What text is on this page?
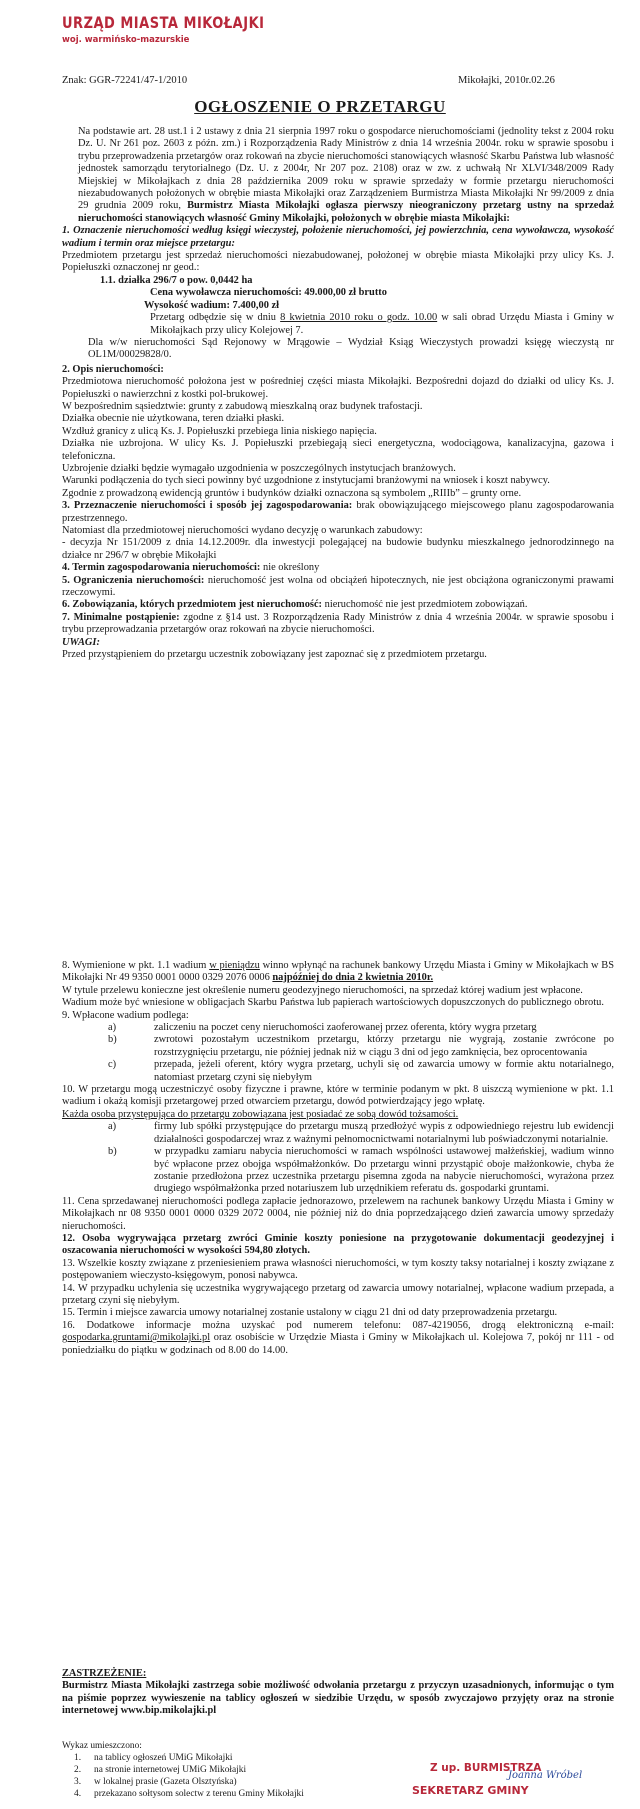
URZĄD MIASTA MIKOŁAJKI
woj. warmińsko-mazurskie
Znak: GGR-72241/47-1/2010	Mikołajki, 2010r.02.26
OGŁOSZENIE O PRZETARGU

Na podstawie art. 28 ust.1 i 2 ustawy z dnia 21 sierpnia 1997 roku o gospodarce nieruchomościami (jednolity tekst z 2004 roku Dz. U. Nr 261 poz. 2603 z późn. zm.) i Rozporządzenia Rady Ministrów z dnia 14 września 2004r. roku w sprawie sposobu i trybu przeprowadzenia przetargów oraz rokowań na zbycie nieruchomości stanowiących własność Skarbu Państwa lub własność jednostek samorządu terytorialnego (Dz. U. z 2004r, Nr 207 poz. 2108) oraz w zw. z uchwałą Nr XLVI/348/2009 Rady Miejskiej w Mikołajkach z dnia 28 października 2009 roku w sprawie sprzedaży w formie przetargu nieruchomości niezabudowanych położonych w obrębie miasta Mikołajki oraz Zarządzeniem Burmistrza Miasta Mikołajki Nr 99/2009 z dnia 29 grudnia 2009 roku, Burmistrz Miasta Mikołajki ogłasza pierwszy nieograniczony przetarg ustny na sprzedaż nieruchomości stanowiących własność Gminy Mikołajki, położonych w obrębie miasta Mikołajki:

1. Oznaczenie nieruchomości według księgi wieczystej, położenie nieruchomości, jej powierzchnia, cena wywoławcza, wysokość wadium i termin oraz miejsce przetargu:

Przedmiotem przetargu jest sprzedaż nieruchomości niezabudowanej, położonej w obrębie miasta Mikołajki przy ulicy Ks. J. Popiełuszki oznaczonej nr geod.:

1.1. działka 296/7 o pow. 0,0442 ha

Cena wywoławcza nieruchomości: 49.000,00 zł brutto

Wysokość wadium: 7.400,00 zł

Przetarg odbędzie się w dniu 8 kwietnia 2010 roku o godz. 10.00 w sali obrad Urzędu Miasta i Gminy w Mikołajkach przy ulicy Kolejowej 7.

Dla w/w nieruchomości Sąd Rejonowy w Mrągowie – Wydział Ksiąg Wieczystych prowadzi księgę wieczystą nr OL1M/00029828/0.

2. Opis nieruchomości:

Przedmiotowa nieruchomość położona jest w pośredniej części miasta Mikołajki. Bezpośredni dojazd do działki od ulicy Ks. J. Popiełuszki o nawierzchni z kostki pol-brukowej.

W bezpośrednim sąsiedztwie: grunty z zabudową mieszkalną oraz budynek trafostacji.

Działka obecnie nie użytkowana, teren działki płaski.

Wzdłuż granicy z ulicą Ks. J. Popiełuszki przebiega linia niskiego napięcia.

Działka nie uzbrojona. W ulicy Ks. J. Popiełuszki przebiegają sieci energetyczna, wodociągowa, kanalizacyjna, gazowa i telefoniczna.

Uzbrojenie działki będzie wymagało uzgodnienia w poszczególnych instytucjach branżowych.

Warunki podłączenia do tych sieci powinny być uzgodnione z instytucjami branżowymi na wniosek i koszt nabywcy.

Zgodnie z prowadzoną ewidencją gruntów i budynków działki oznaczona są symbolem „RIIIb” – grunty orne.

3. Przeznaczenie nieruchomości i sposób jej zagospodarowania: brak obowiązującego miejscowego planu zagospodarowania przestrzennego.

Natomiast dla przedmiotowej nieruchomości wydano decyzję o warunkach zabudowy:

- decyzja Nr 151/2009 z dnia 14.12.2009r. dla inwestycji polegającej na budowie budynku mieszkalnego jednorodzinnego na działce nr 296/7 w obrębie Mikołajki

4. Termin zagospodarowania nieruchomości: nie określony

5. Ograniczenia nieruchomości: nieruchomość jest wolna od obciążeń hipotecznych, nie jest obciążona ograniczonymi prawami rzeczowymi.

6. Zobowiązania, których przedmiotem jest nieruchomość: nieruchomość nie jest przedmiotem zobowiązań.

7. Minimalne postąpienie: zgodne z §14 ust. 3 Rozporządzenia Rady Ministrów z dnia 4 września 2004r. w sprawie sposobu i trybu przeprowadzania przetargów oraz rokowań na zbycie nieruchomości.

UWAGI:

Przed przystąpieniem do przetargu uczestnik zobowiązany jest zapoznać się z przedmiotem przetargu.

8. Wymienione w pkt. 1.1 wadium w pieniądzu winno wpłynąć na rachunek bankowy Urzędu Miasta i Gminy w Mikołajkach w BS Mikołajki Nr 49 9350 0001 0000 0329 2076 0006 najpóźniej do dnia 2 kwietnia 2010r.

W tytule przelewu konieczne jest określenie numeru geodezyjnego nieruchomości, na sprzedaż której wadium jest wpłacone.

Wadium może być wniesione w obligacjach Skarbu Państwa lub papierach wartościowych dopuszczonych do publicznego obrotu.

9. Wpłacone wadium podlega:

a)	zaliczeniu na poczet ceny nieruchomości zaoferowanej przez oferenta, który wygra przetarg
b)	zwrotowi pozostałym uczestnikom przetargu, którzy przetargu nie wygrają, zostanie zwrócone po rozstrzygnięciu przetargu, nie później jednak niż w ciągu 3 dni od jego zamknięcia, bez oprocentowania
c)	przepada, jeżeli oferent, który wygra przetarg, uchyli się od zawarcia umowy w formie aktu notarialnego, natomiast przetarg czyni się niebyłym

10. W przetargu mogą uczestniczyć osoby fizyczne i prawne, które w terminie podanym w pkt. 8 uiszczą wymienione w pkt. 1.1 wadium i okażą komisji przetargowej przed otwarciem przetargu, dowód potwierdzający jego wpłatę.

Każda osoba przystępująca do przetargu zobowiązana jest posiadać ze sobą dowód tożsamości.

a)	firmy lub spółki przystępujące do przetargu muszą przedłożyć wypis z odpowiedniego rejestru lub ewidencji działalności gospodarczej wraz z ważnymi pełnomocnictwami notarialnymi lub poświadczonymi notarialnie.
b)	w przypadku zamiaru nabycia nieruchomości w ramach wspólności ustawowej małżeńskiej, wadium winno być wpłacone przez obojga współmałżonków. Do przetargu winni przystąpić oboje małżonkowie, chyba że zostanie przedłożona przez uczestnika przetargu pisemna zgoda na nabycie nieruchomości, wyrażona przez drugiego współmałżonka przed notariuszem lub urzędnikiem referatu ds. gospodarki gruntami.

11. Cena sprzedawanej nieruchomości podlega zapłacie jednorazowo, przelewem na rachunek bankowy Urzędu Miasta i Gminy w Mikołajkach nr 08 9350 0001 0000 0329 2072 0004, nie później niż do dnia poprzedzającego dzień zawarcia umowy sprzedaży nieruchomości.

12. Osoba wygrywająca przetarg zwróci Gminie koszty poniesione na przygotowanie dokumentacji geodezyjnej i oszacowania nieruchomości w wysokości 594,80 złotych.

13. Wszelkie koszty związane z przeniesieniem prawa własności nieruchomości, w tym koszty taksy notarialnej i koszty związane z postępowaniem wieczysto-księgowym, ponosi nabywca.

14. W przypadku uchylenia się uczestnika wygrywającego przetarg od zawarcia umowy notarialnej, wpłacone wadium przepada, a przetarg czyni się niebyłym.

15. Termin i miejsce zawarcia umowy notarialnej zostanie ustalony w ciągu 21 dni od daty przeprowadzenia przetargu.

16. Dodatkowe informacje można uzyskać pod numerem telefonu: 087-4219056, drogą elektroniczną e-mail: gospodarka.gruntami@mikolajki.pl oraz osobiście w Urzędzie Miasta i Gminy w Mikołajkach ul. Kolejowa 7, pokój nr 111 - od poniedziałku do piątku w godzinach od 8.00 do 14.00.

ZASTRZEŻENIE:

Burmistrz Miasta Mikołajki zastrzega sobie możliwość odwołania przetargu z przyczyn uzasadnionych, informując o tym na piśmie poprzez wywieszenie na tablicy ogłoszeń w siedzibie Urzędu, w sposób zwyczajowo przyjęty oraz na stronie internetowej www.bip.mikolajki.pl

Wykaz umieszczono:
1.	na tablicy ogłoszeń UMiG Mikołajki
2.	na stronie internetowej UMiG Mikołajki
3.	w lokalnej prasie (Gazeta Olsztyńska)
4.	przekazano sołtysom solectw z terenu Gminy Mikołajki
Z up. BURMISTRZA
SEKRETARZ GMINY
Joanna Wróbel
